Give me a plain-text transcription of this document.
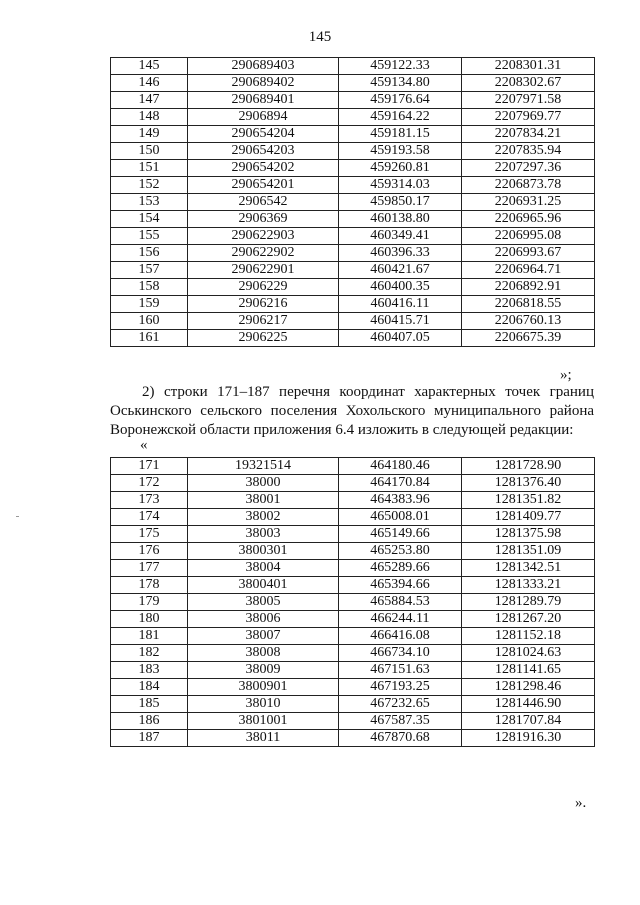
145
145	290689403	459122.33	2208301.31
146	290689402	459134.80	2208302.67
147	290689401	459176.64	2207971.58
148	2906894	459164.22	2207969.77
149	290654204	459181.15	2207834.21
150	290654203	459193.58	2207835.94
151	290654202	459260.81	2207297.36
152	290654201	459314.03	2206873.78
153	2906542	459850.17	2206931.25
154	2906369	460138.80	2206965.96
155	290622903	460349.41	2206995.08
156	290622902	460396.33	2206993.67
157	290622901	460421.67	2206964.71
158	2906229	460400.35	2206892.91
159	2906216	460416.11	2206818.55
160	2906217	460415.71	2206760.13
161	2906225	460407.05	2206675.39
»;
2) строки 171–187 перечня координат характерных точек границ Оськинского сельского поселения Хохольского муниципального района Воронежской области приложения 6.4 изложить в следующей редакции:
«
171	19321514	464180.46	1281728.90
172	38000	464170.84	1281376.40
173	38001	464383.96	1281351.82
174	38002	465008.01	1281409.77
175	38003	465149.66	1281375.98
176	3800301	465253.80	1281351.09
177	38004	465289.66	1281342.51
178	3800401	465394.66	1281333.21
179	38005	465884.53	1281289.79
180	38006	466244.11	1281267.20
181	38007	466416.08	1281152.18
182	38008	466734.10	1281024.63
183	38009	467151.63	1281141.65
184	3800901	467193.25	1281298.46
185	38010	467232.65	1281446.90
186	3801001	467587.35	1281707.84
187	38011	467870.68	1281916.30
».
